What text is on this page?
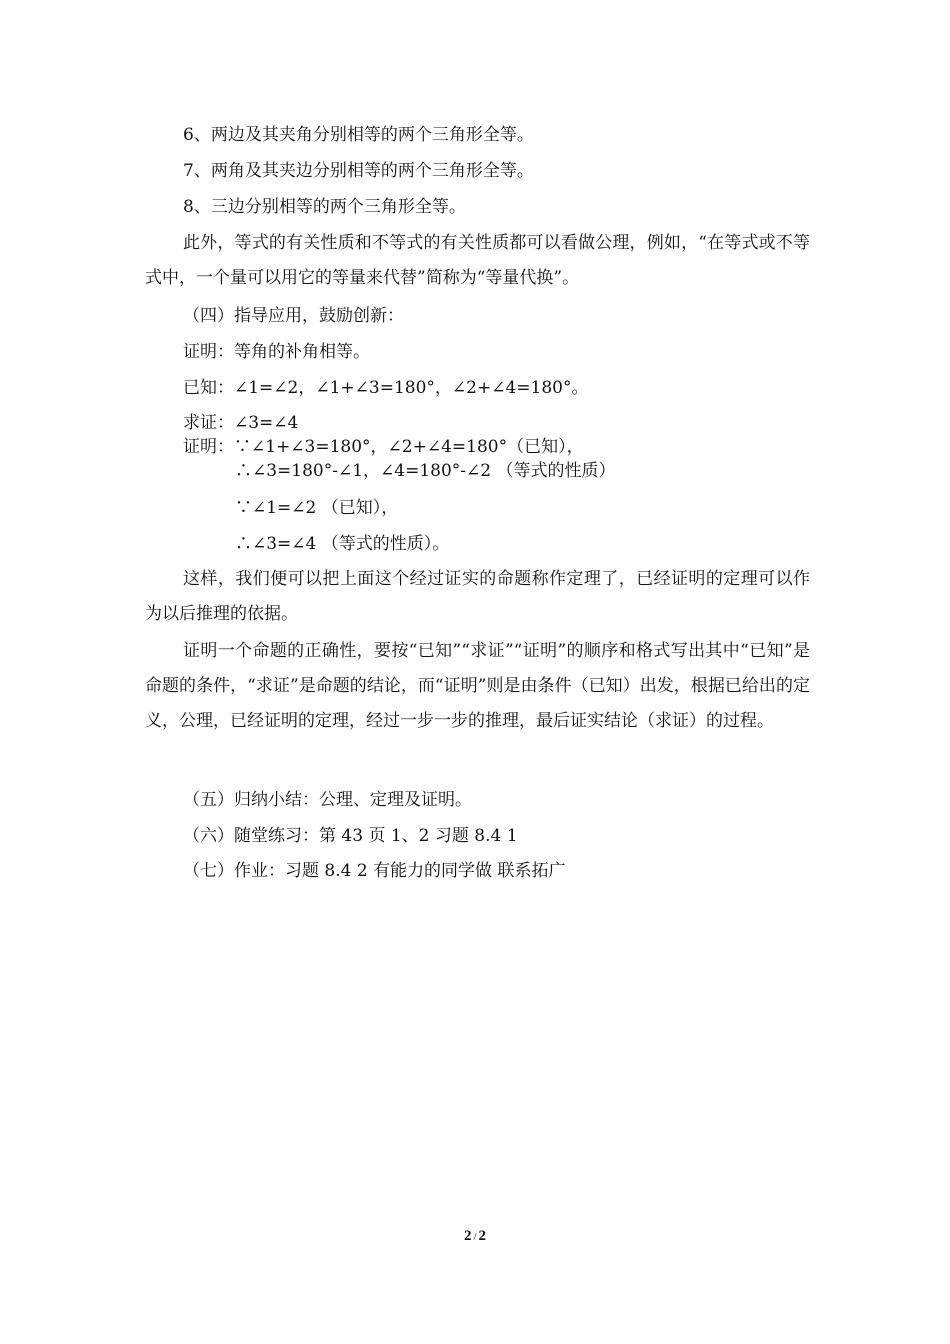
6、两边及其夹角分别相等的两个三角形全等。
7、两角及其夹边分别相等的两个三角形全等。
8、三边分别相等的两个三角形全等。
此外，等式的有关性质和不等式的有关性质都可以看做公理，例如，“在等式或不等式中，一个量可以用它的等量来代替”简称为“等量代换”。
（四）指导应用，鼓励创新：
证明：等角的补角相等。
已知：∠1=∠2，∠1+∠3=180°，∠2+∠4=180°。
求证：∠3=∠4
证明：∵∠1+∠3=180°，∠2+∠4=180°（已知），
∴∠3=180°-∠1，∠4=180°-∠2 （等式的性质）
∵∠1=∠2 （已知），
∴∠3=∠4 （等式的性质）。
这样，我们便可以把上面这个经过证实的命题称作定理了，已经证明的定理可以作为以后推理的依据。
证明一个命题的正确性，要按“已知”“求证”“证明”的顺序和格式写出其中“已知”是命题的条件，“求证”是命题的结论，而“证明”则是由条件（已知）出发，根据已给出的定义，公理，已经证明的定理，经过一步一步的推理，最后证实结论（求证）的过程。
（五）归纳小结：公理、定理及证明。
（六）随堂练习：第 43 页 1、2 习题 8.4 1
（七）作业：习题 8.4 2 有能力的同学做 联系拓广
2 / 2
